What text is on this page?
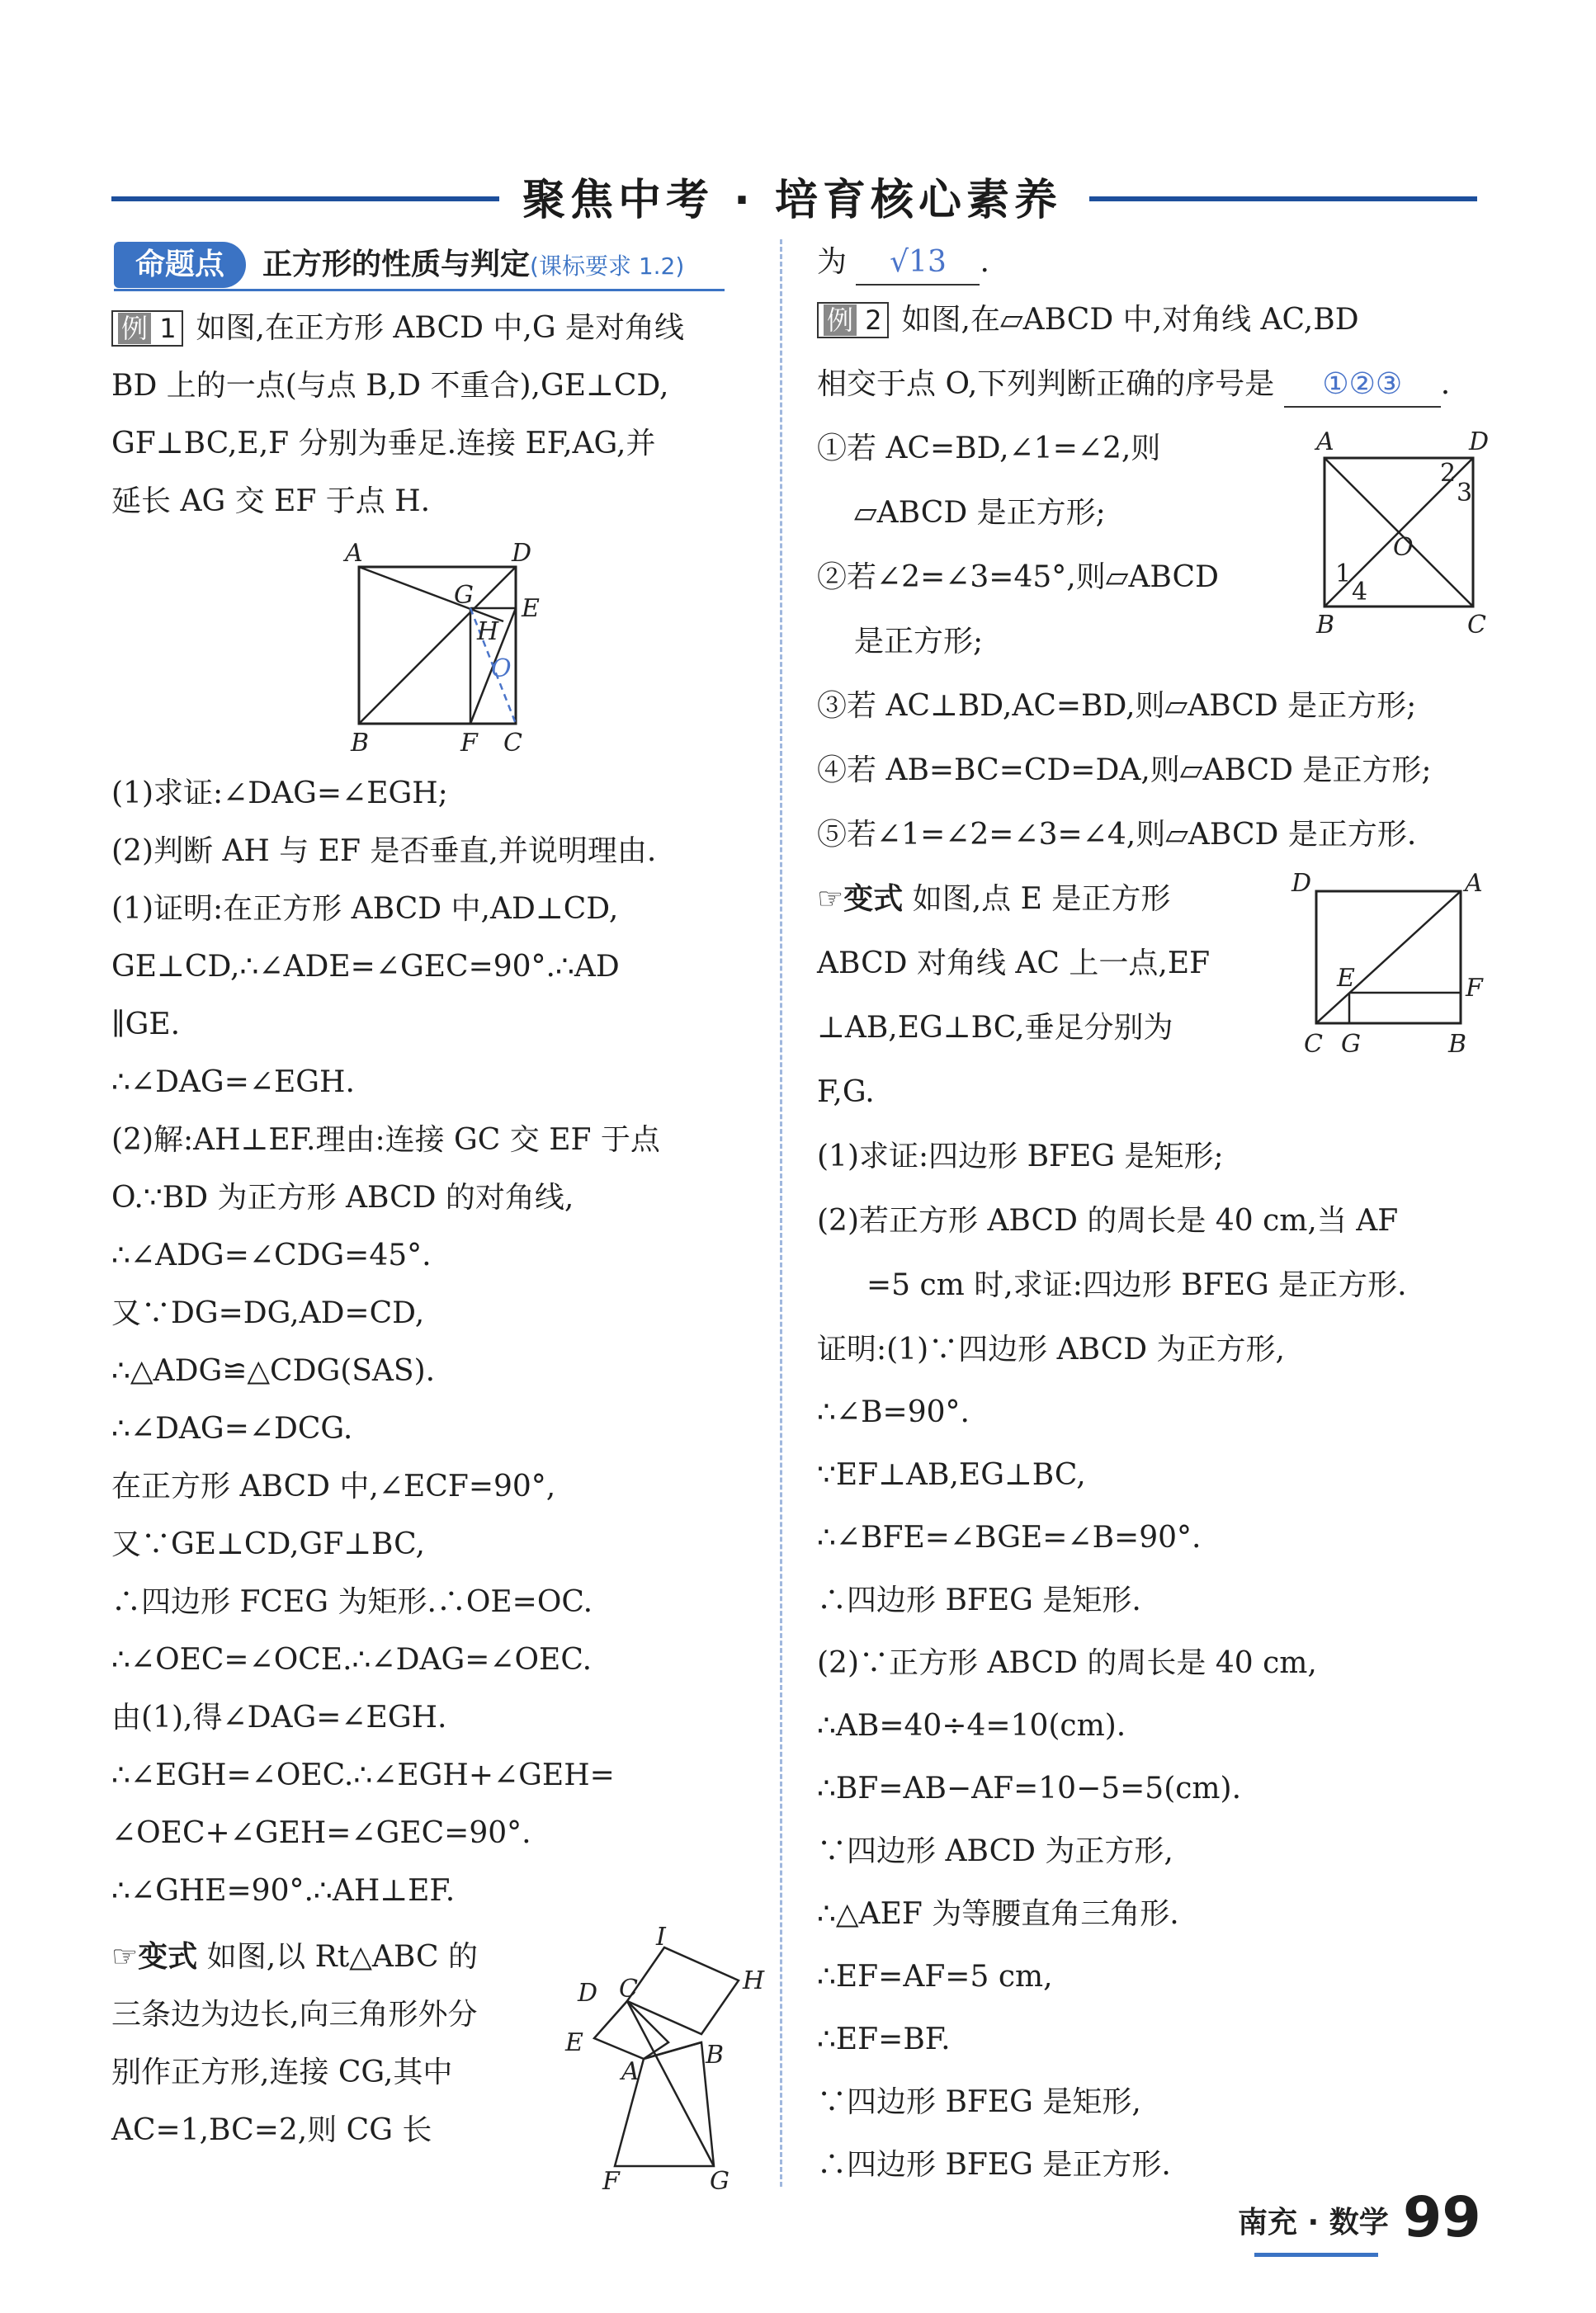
聚焦中考 · 培育核心素养
命题点	正方形的性质与判定(课标要求 1.2)
例 1 如图,在正方形 ABCD 中,G 是对角线
BD 上的一点(与点 B,D 不重合),GE⊥CD,
GF⊥BC,E,F 分别为垂足.连接 EF,AG,并
延长 AG 交 EF 于点 H.
A	D
G E
H
O
B	F C
(1)求证:∠DAG=∠EGH;
(2)判断 AH 与 EF 是否垂直,并说明理由.
(1)证明:在正方形 ABCD 中,AD⊥CD,
GE⊥CD,∴∠ADE=∠GEC=90°.∴AD
∥GE.
∴∠DAG=∠EGH.
(2)解:AH⊥EF.理由:连接 GC 交 EF 于点
O.∵BD 为正方形 ABCD 的对角线,
∴∠ADG=∠CDG=45°.
又∵DG=DG,AD=CD,
∴△ADG≌△CDG(SAS).
∴∠DAG=∠DCG.
在正方形 ABCD 中,∠ECF=90°,
又∵GE⊥CD,GF⊥BC,
∴四边形 FCEG 为矩形.∴OE=OC.
∴∠OEC=∠OCE.∴∠DAG=∠OEC.
由(1),得∠DAG=∠EGH.
∴∠EGH=∠OEC.∴∠EGH+∠GEH=
∠OEC+∠GEH=∠GEC=90°.
∴∠GHE=90°.∴AH⊥EF.
☞变式 如图,以 Rt△ABC 的
三条边为边长,向三角形外分
别作正方形,连接 CG,其中
AC=1,BC=2,则 CG 长
I
D C	H
E
A
B
F	G
为 √13 .
例 2 如图,在▱ABCD 中,对角线 AC,BD
相交于点 O,下列判断正确的序号是 ①②③ .
①若 AC=BD,∠1=∠2,则
▱ABCD 是正方形;
②若∠2=∠3=45°,则▱ABCD
是正方形;
③若 AC⊥BD,AC=BD,则▱ABCD 是正方形;
④若 AB=BC=CD=DA,则▱ABCD 是正方形;
⑤若∠1=∠2=∠3=∠4,则▱ABCD 是正方形.
A	D
2
3
O
1
4
B	C
☞变式 如图,点 E 是正方形
ABCD 对角线 AC 上一点,EF
⊥AB,EG⊥BC,垂足分别为
F,G.
D	A
E	F
C G	B
(1)求证:四边形 BFEG 是矩形;
(2)若正方形 ABCD 的周长是 40 cm,当 AF
=5 cm 时,求证:四边形 BFEG 是正方形.
证明:(1)∵四边形 ABCD 为正方形,
∴∠B=90°.
∵EF⊥AB,EG⊥BC,
∴∠BFE=∠BGE=∠B=90°.
∴四边形 BFEG 是矩形.
(2)∵正方形 ABCD 的周长是 40 cm,
∴AB=40÷4=10(cm).
∴BF=AB−AF=10−5=5(cm).
∵四边形 ABCD 为正方形,
∴△AEF 为等腰直角三角形.
∴EF=AF=5 cm,
∴EF=BF.
∵四边形 BFEG 是矩形,
∴四边形 BFEG 是正方形.
南充 · 数学 99
